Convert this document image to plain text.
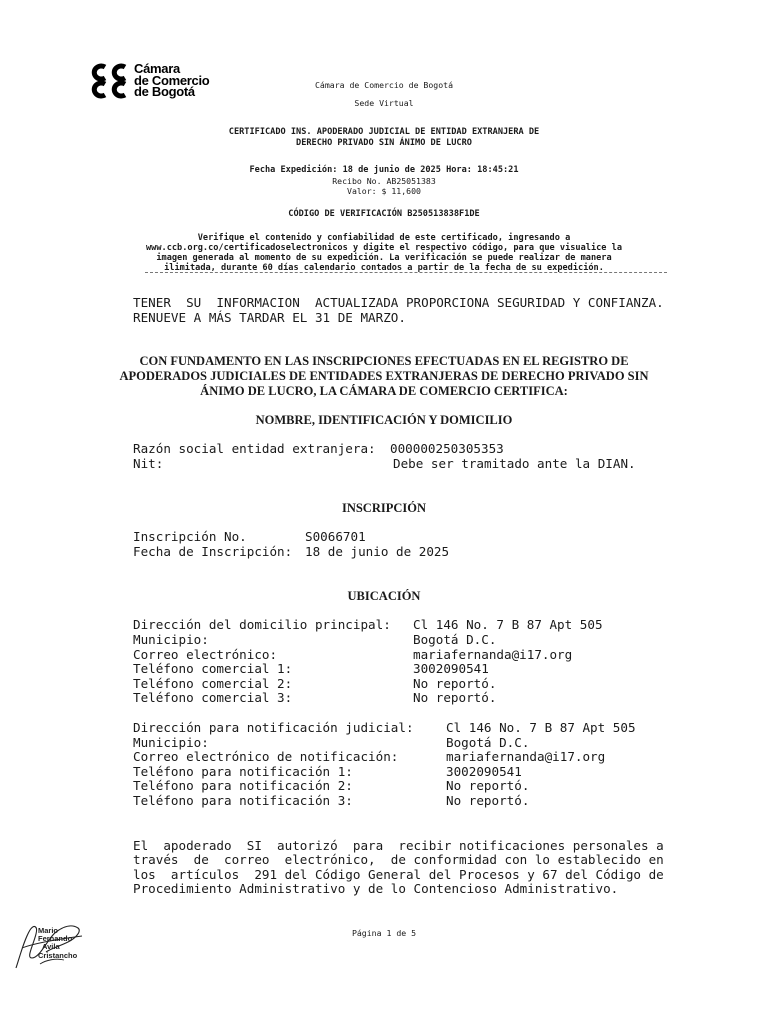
Cámara
de Comercio
de Bogotá	Cámara de Comercio de Bogotá
Sede Virtual
CERTIFICADO INS. APODERADO JUDICIAL DE ENTIDAD EXTRANJERA DE
DERECHO PRIVADO SIN ÁNIMO DE LUCRO
Fecha Expedición: 18 de junio de 2025 Hora: 18:45:21
Recibo No. AB25051383
Valor: $ 11,600
CÓDIGO DE VERIFICACIÓN B250513838F1DE
Verifique el contenido y confiabilidad de este certificado, ingresando a
www.ccb.org.co/certificadoselectronicos y digite el respectivo código, para que visualice la
imagen generada al momento de su expedición. La verificación se puede realizar de manera
ilimitada, durante 60 días calendario contados a partir de la fecha de su expedición.
TENER  SU  INFORMACION  ACTUALIZADA PROPORCIONA SEGURIDAD Y CONFIANZA.
RENUEVE A MÁS TARDAR EL 31 DE MARZO.
CON FUNDAMENTO EN LAS INSCRIPCIONES EFECTUADAS EN EL REGISTRO DE
APODERADOS JUDICIALES DE ENTIDADES EXTRANJERAS DE DERECHO PRIVADO SIN
ÁNIMO DE LUCRO, LA CÁMARA DE COMERCIO CERTIFICA:
NOMBRE, IDENTIFICACIÓN Y DOMICILIO
Razón social entidad extranjera: 000000250305353
Nit:	Debe ser tramitado ante la DIAN.
INSCRIPCIÓN
Inscripción No.	S0066701
Fecha de Inscripción: 18 de junio de 2025
UBICACIÓN
Dirección del domicilio principal: Cl 146 No. 7 B 87 Apt 505
Municipio:	Bogotá D.C.
Correo electrónico:	mariafernanda@i17.org
Teléfono comercial 1:	3002090541
Teléfono comercial 2:	No reportó.
Teléfono comercial 3:	No reportó.
Dirección para notificación judicial:	Cl 146 No. 7 B 87 Apt 505
Municipio:	Bogotá D.C.
Correo electrónico de notificación:	mariafernanda@i17.org
Teléfono para notificación 1:	3002090541
Teléfono para notificación 2:	No reportó.
Teléfono para notificación 3:	No reportó.
El  apoderado  SI  autorizó  para  recibir notificaciones personales a
través  de  correo  electrónico,  de conformidad con lo establecido en
los  artículos  291 del Código General del Procesos y 67 del Código de
Procedimiento Administrativo y de lo Contencioso Administrativo.
Página 1 de 5
Mario
Fernando
Avila
Cristancho
